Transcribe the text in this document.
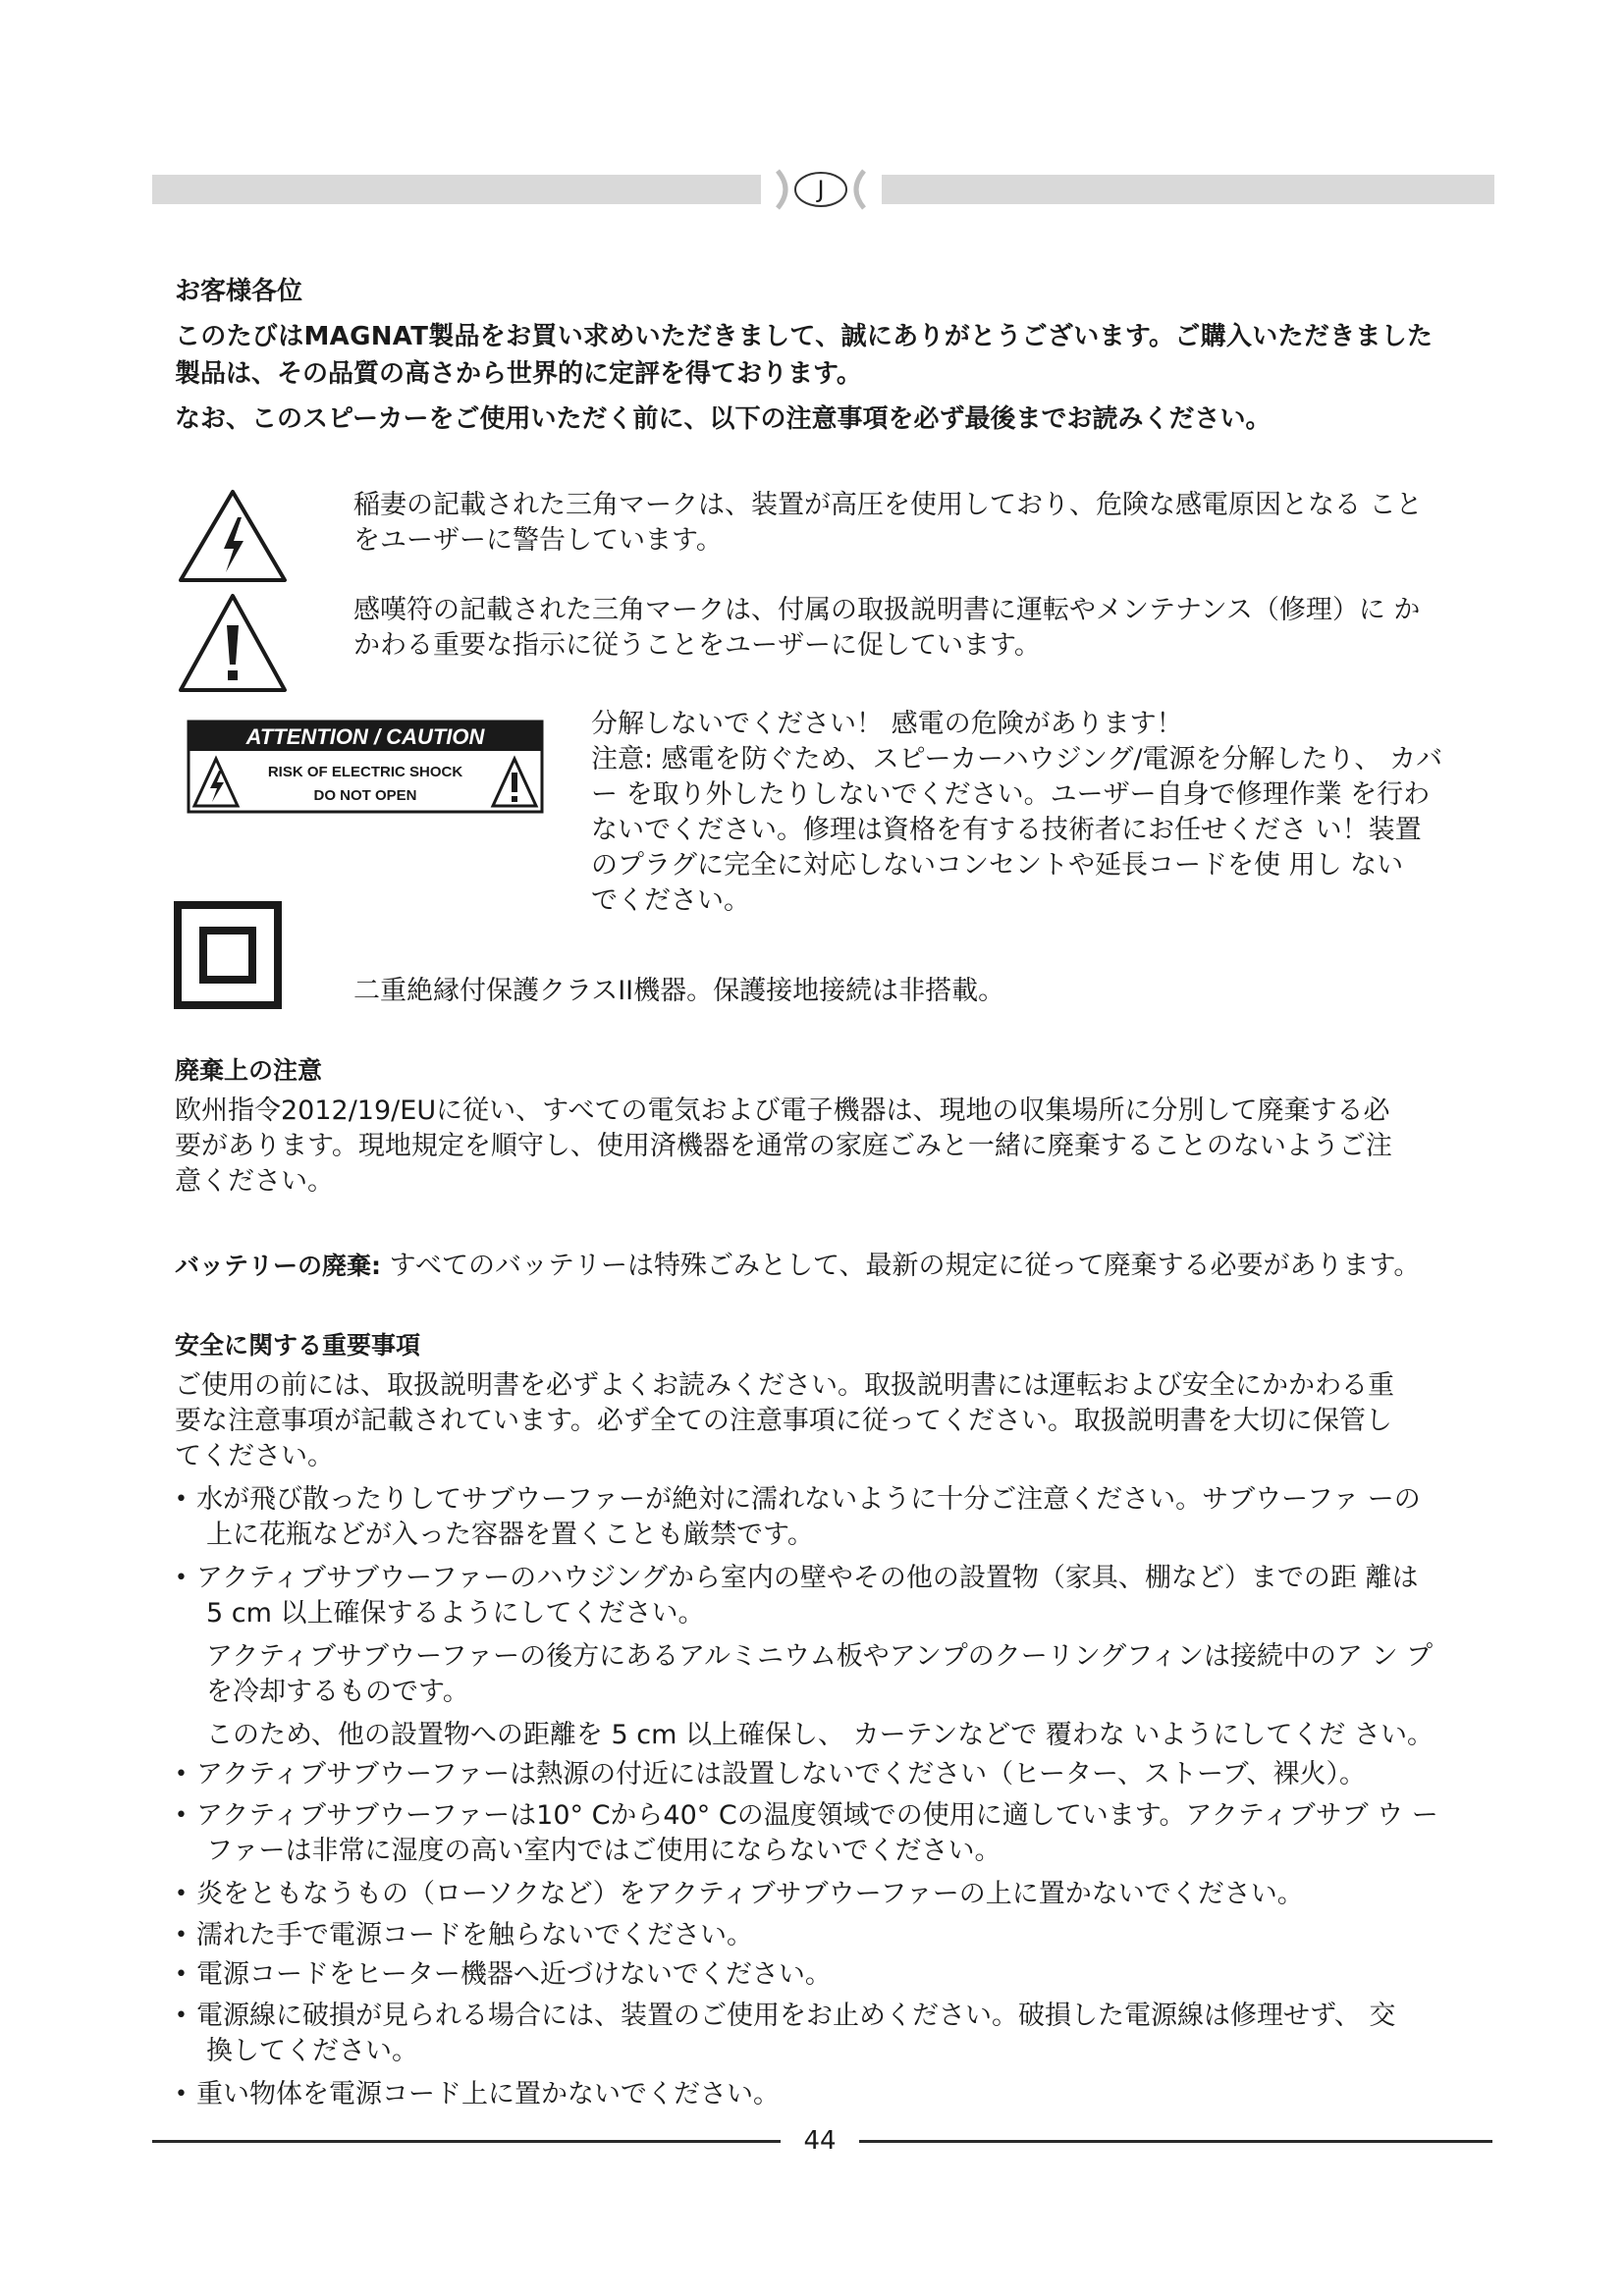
J
お客様各位
このたびはMAGNAT製品をお買い求めいただきまして、誠にありがとうございます。ご購入いただきました
製品は、その品質の高さから世界的に定評を得ております。
なお、このスピーカーをご使用いただく前に、以下の注意事項を必ず最後までお読みください。
稲妻の記載された三角マークは、装置が高圧を使用しており、危険な感電原因となる こと
をユーザーに警告しています。
感嘆符の記載された三角マークは、付属の取扱説明書に運転やメンテナンス（修理）に か
かわる重要な指示に従うことをユーザーに促しています。
ATTENTION / CAUTION
RISK OF ELECTRIC SHOCK
DO NOT OPEN
分解しないでください！ 感電の危険があります！
注意: 感電を防ぐため、スピーカーハウジング/電源を分解したり、 カバ
ー を取り外したりしないでください。ユーザー自身で修理作業 を行わ
ないでください。修理は資格を有する技術者にお任せくださ い！装置
のプラグに完全に対応しないコンセントや延長コードを使 用し ない
でください。
二重絶縁付保護クラスII機器。保護接地接続は非搭載。
廃棄上の注意
欧州指令2012/19/EUに従い、すべての電気および電子機器は、現地の収集場所に分別して廃棄する必
要があります。現地規定を順守し、使用済機器を通常の家庭ごみと一緒に廃棄することのないようご注
意ください。
バッテリーの廃棄: すべてのバッテリーは特殊ごみとして、最新の規定に従って廃棄する必要があります。
安全に関する重要事項
ご使用の前には、取扱説明書を必ずよくお読みください。取扱説明書には運転および安全にかかわる重
要な注意事項が記載されています。必ず全ての注意事項に従ってください。取扱説明書を大切に保管し
てください。
• 水が飛び散ったりしてサブウーファーが絶対に濡れないように十分ご注意ください。サブウーファ ーの
上に花瓶などが入った容器を置くことも厳禁です。
• アクティブサブウーファーのハウジングから室内の壁やその他の設置物（家具、棚など）までの距 離は
5 cm 以上確保するようにしてください。
アクティブサブウーファーの後方にあるアルミニウム板やアンプのクーリングフィンは接続中のア ン プ
を冷却するものです。
このため、他の設置物への距離を 5 cm 以上確保し、 カーテンなどで 覆わな いようにしてくだ さい。
• アクティブサブウーファーは熱源の付近には設置しないでください（ヒーター、ストーブ、裸火）。
• アクティブサブウーファーは10° Cから40° Cの温度領域での使用に適しています。アクティブサブ ウ ー
ファーは非常に湿度の高い室内ではご使用にならないでください。
• 炎をともなうもの（ローソクなど）をアクティブサブウーファーの上に置かないでください。
• 濡れた手で電源コードを触らないでください。
• 電源コードをヒーター機器へ近づけないでください。
• 電源線に破損が見られる場合には、装置のご使用をお止めください。破損した電源線は修理せず、 交
換してください。
• 重い物体を電源コード上に置かないでください。
44
